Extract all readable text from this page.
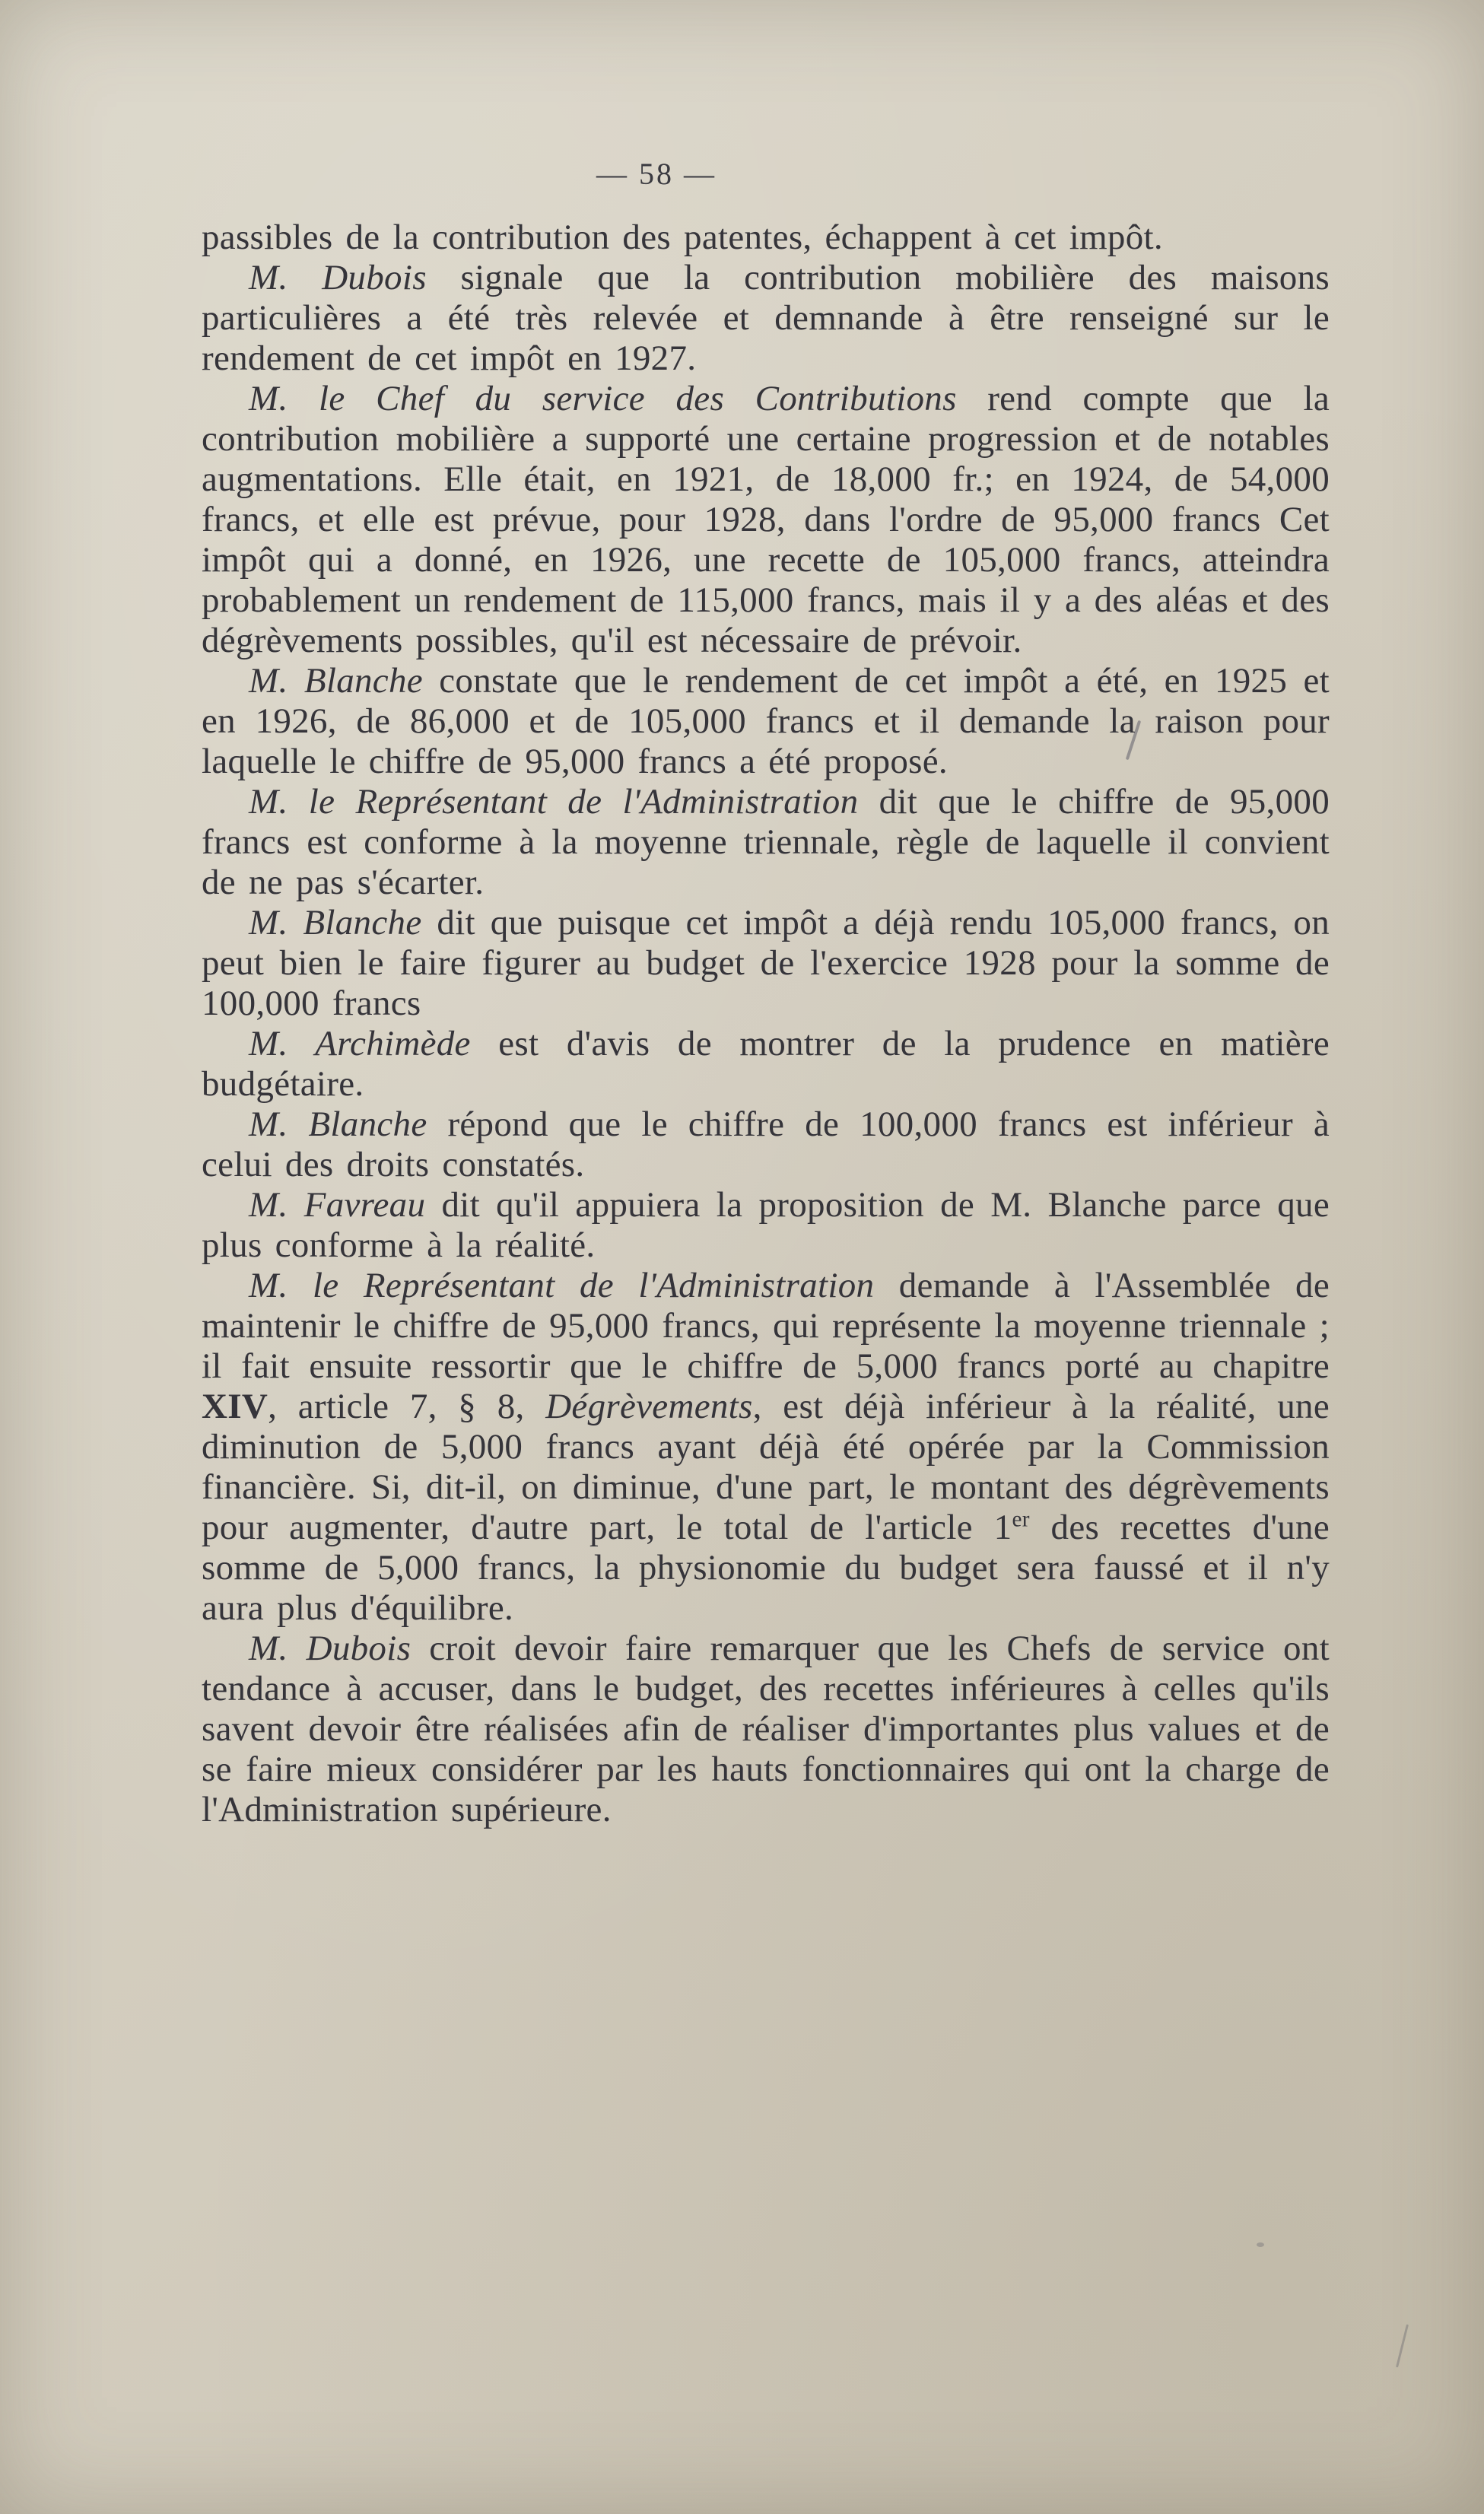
— 58 —

passibles de la contribution des patentes, échappent à cet impôt.

M. Dubois signale que la contribution mobilière des maisons particulières a été très relevée et demnande à être renseigné sur le rendement de cet impôt en 1927.

M. le Chef du service des Contributions rend compte que la contribution mobilière a supporté une certaine progression et de notables augmentations. Elle était, en 1921, de 18,000 fr.; en 1924, de 54,000 francs, et elle est prévue, pour 1928, dans l'ordre de 95,000 francs Cet impôt qui a donné, en 1926, une recette de 105,000 francs, atteindra probablement un rendement de 115,000 francs, mais il y a des aléas et des dégrèvements possibles, qu'il est nécessaire de prévoir.

M. Blanche constate que le rendement de cet impôt a été, en 1925 et en 1926, de 86,000 et de 105,000 francs et il demande la raison pour laquelle le chiffre de 95,000 francs a été proposé.

M. le Représentant de l'Administration dit que le chiffre de 95,000 francs est conforme à la moyenne triennale, règle de laquelle il convient de ne pas s'écarter.

M. Blanche dit que puisque cet impôt a déjà rendu 105,000 francs, on peut bien le faire figurer au budget de l'exercice 1928 pour la somme de 100,000 francs

M. Archimède est d'avis de montrer de la prudence en matière budgétaire.

M. Blanche répond que le chiffre de 100,000 francs est inférieur à celui des droits constatés.

M. Favreau dit qu'il appuiera la proposition de M. Blanche parce que plus conforme à la réalité.

M. le Représentant de l'Administration demande à l'Assemblée de maintenir le chiffre de 95,000 francs, qui représente la moyenne triennale ; il fait ensuite ressortir que le chiffre de 5,000 francs porté au chapitre XIV, article 7, § 8, Dégrèvements, est déjà inférieur à la réalité, une diminution de 5,000 francs ayant déjà été opérée par la Commission financière. Si, dit-il, on diminue, d'une part, le montant des dégrèvements pour augmenter, d'autre part, le total de l'article 1er des recettes d'une somme de 5,000 francs, la physionomie du budget sera faussé et il n'y aura plus d'équilibre.

M. Dubois croit devoir faire remarquer que les Chefs de service ont tendance à accuser, dans le budget, des recettes inférieures à celles qu'ils savent devoir être réalisées afin de réaliser d'importantes plus values et de se faire mieux considérer par les hauts fonctionnaires qui ont la charge de l'Administration supérieure.
